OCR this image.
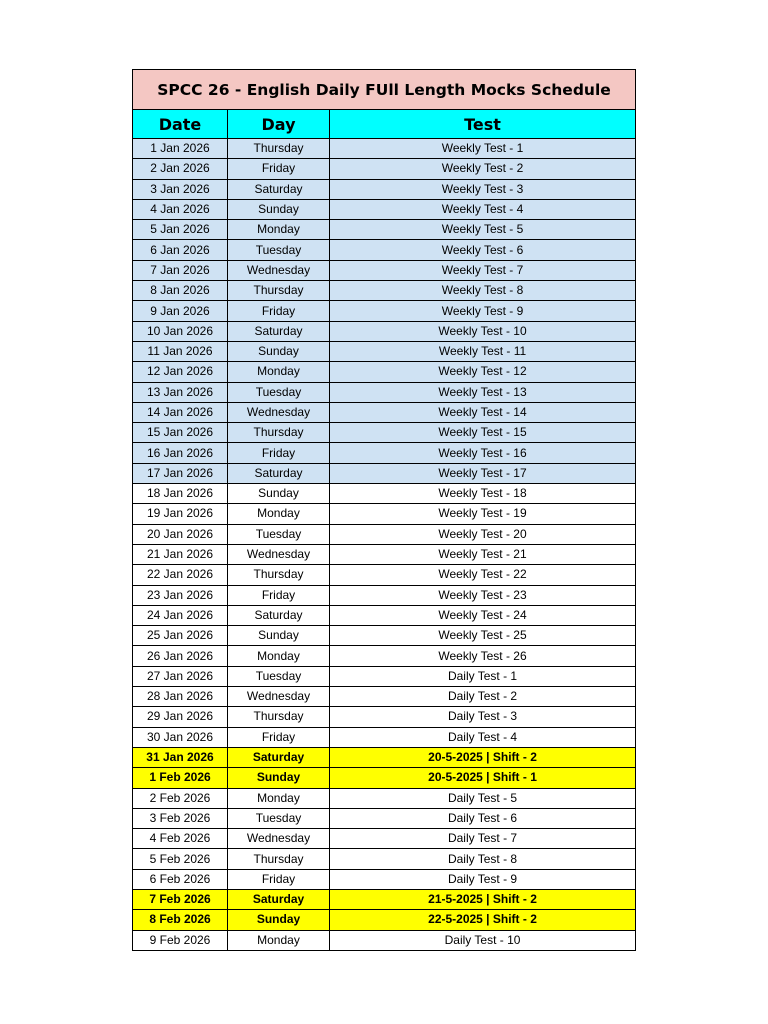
SPCC 26 - English Daily FUll Length Mocks Schedule		
Date	Day	Test
1 Jan 2026	Thursday	Weekly Test - 1
2 Jan 2026	Friday	Weekly Test - 2
3 Jan 2026	Saturday	Weekly Test - 3
4 Jan 2026	Sunday	Weekly Test - 4
5 Jan 2026	Monday	Weekly Test - 5
6 Jan 2026	Tuesday	Weekly Test - 6
7 Jan 2026	Wednesday	Weekly Test - 7
8 Jan 2026	Thursday	Weekly Test - 8
9 Jan 2026	Friday	Weekly Test - 9
10 Jan 2026	Saturday	Weekly Test - 10
11 Jan 2026	Sunday	Weekly Test - 11
12 Jan 2026	Monday	Weekly Test - 12
13 Jan 2026	Tuesday	Weekly Test - 13
14 Jan 2026	Wednesday	Weekly Test - 14
15 Jan 2026	Thursday	Weekly Test - 15
16 Jan 2026	Friday	Weekly Test - 16
17 Jan 2026	Saturday	Weekly Test - 17
18 Jan 2026	Sunday	Weekly Test - 18
19 Jan 2026	Monday	Weekly Test - 19
20 Jan 2026	Tuesday	Weekly Test - 20
21 Jan 2026	Wednesday	Weekly Test - 21
22 Jan 2026	Thursday	Weekly Test - 22
23 Jan 2026	Friday	Weekly Test - 23
24 Jan 2026	Saturday	Weekly Test - 24
25 Jan 2026	Sunday	Weekly Test - 25
26 Jan 2026	Monday	Weekly Test - 26
27 Jan 2026	Tuesday	Daily Test - 1
28 Jan 2026	Wednesday	Daily Test - 2
29 Jan 2026	Thursday	Daily Test - 3
30 Jan 2026	Friday	Daily Test - 4
31 Jan 2026	Saturday	20-5-2025 | Shift - 2
1 Feb 2026	Sunday	20-5-2025 | Shift - 1
2 Feb 2026	Monday	Daily Test - 5
3 Feb 2026	Tuesday	Daily Test - 6
4 Feb 2026	Wednesday	Daily Test - 7
5 Feb 2026	Thursday	Daily Test - 8
6 Feb 2026	Friday	Daily Test - 9
7 Feb 2026	Saturday	21-5-2025 | Shift - 2
8 Feb 2026	Sunday	22-5-2025 | Shift - 2
9 Feb 2026	Monday	Daily Test - 10
